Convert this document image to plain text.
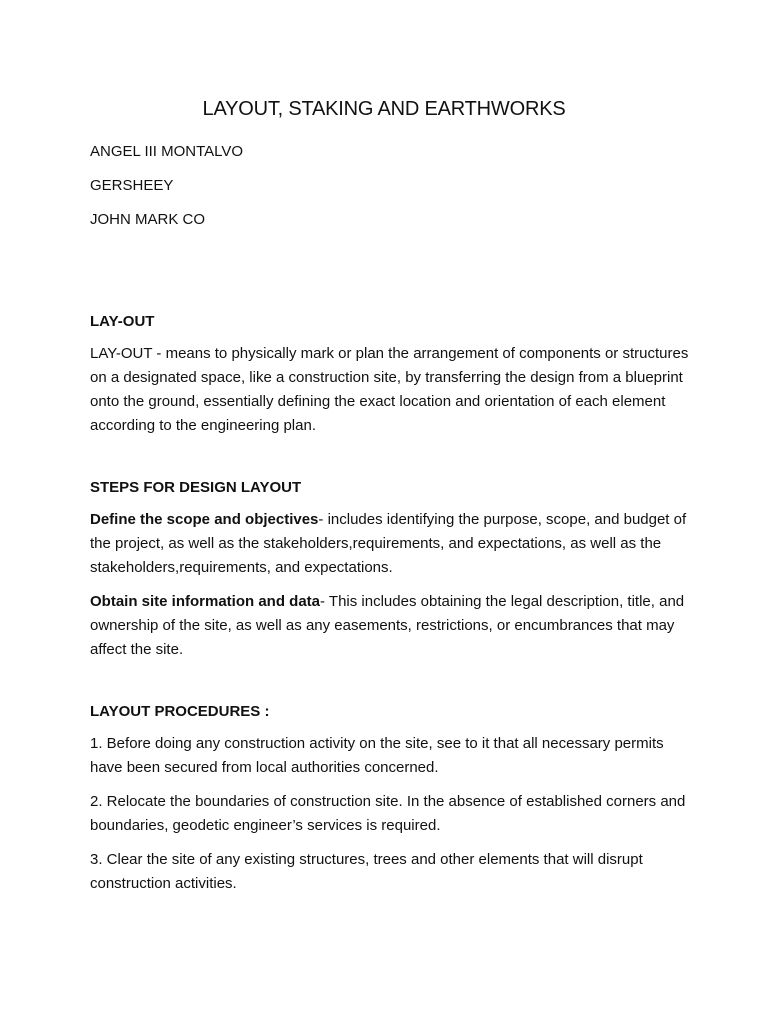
LAYOUT, STAKING AND EARTHWORKS
ANGEL III MONTALVO
GERSHEEY
JOHN MARK CO
LAY-OUT
LAY-OUT - means to physically mark or plan the arrangement of components or structures on a designated space, like a construction site, by transferring the design from a blueprint onto the ground, essentially defining the exact location and orientation of each element according to the engineering plan.
STEPS FOR DESIGN LAYOUT
Define the scope and objectives- includes identifying the purpose, scope, and budget of the project, as well as the stakeholders,requirements, and expectations, as well as the stakeholders,requirements, and expectations.
Obtain site information and data- This includes obtaining the legal description, title, and ownership of the site, as well as any easements, restrictions, or encumbrances that may affect the site.
LAYOUT PROCEDURES :
1. Before doing any construction activity on the site, see to it that all necessary permits have been secured from local authorities concerned.
2. Relocate the boundaries of construction site. In the absence of established corners and boundaries, geodetic engineer’s services is required.
3. Clear the site of any existing structures, trees and other elements that will disrupt construction activities.
